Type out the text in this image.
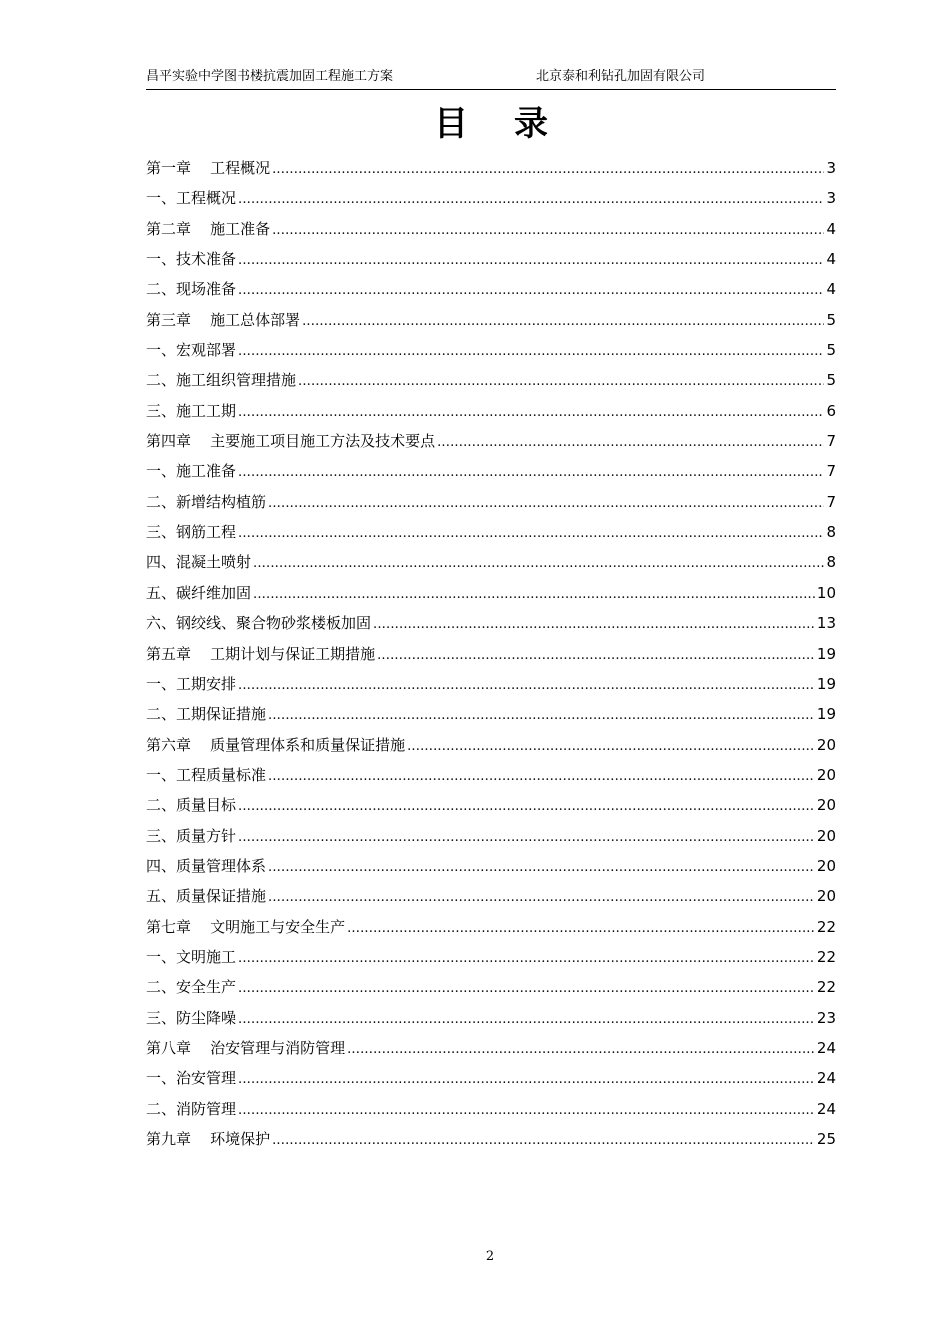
昌平实验中学图书楼抗震加固工程施工方案	北京泰和利钻孔加固有限公司
目录
第一章    工程概况 .....	3
一、工程概况 .....	3
第二章    施工准备 .....	4
一、技术准备 .....	4
二、现场准备 .....	4
第三章    施工总体部署 .....	5
一、宏观部署 .....	5
二、施工组织管理措施 .....	5
三、施工工期 .....	6
第四章    主要施工项目施工方法及技术要点 .....	7
一、施工准备 .....	7
二、新增结构植筋 .....	7
三、钢筋工程 .....	8
四、混凝土喷射 .....	8
五、碳纤维加固 .....	10
六、钢绞线、聚合物砂浆楼板加固 .....	13
第五章    工期计划与保证工期措施 .....	19
一、工期安排 .....	19
二、工期保证措施 .....	19
第六章    质量管理体系和质量保证措施 .....	20
一、工程质量标准 .....	20
二、质量目标 .....	20
三、质量方针 .....	20
四、质量管理体系 .....	20
五、质量保证措施 .....	20
第七章    文明施工与安全生产 .....	22
一、文明施工 .....	22
二、安全生产 .....	22
三、防尘降噪 .....	23
第八章    治安管理与消防管理 .....	24
一、治安管理 .....	24
二、消防管理 .....	24
第九章    环境保护 .....	25
2
